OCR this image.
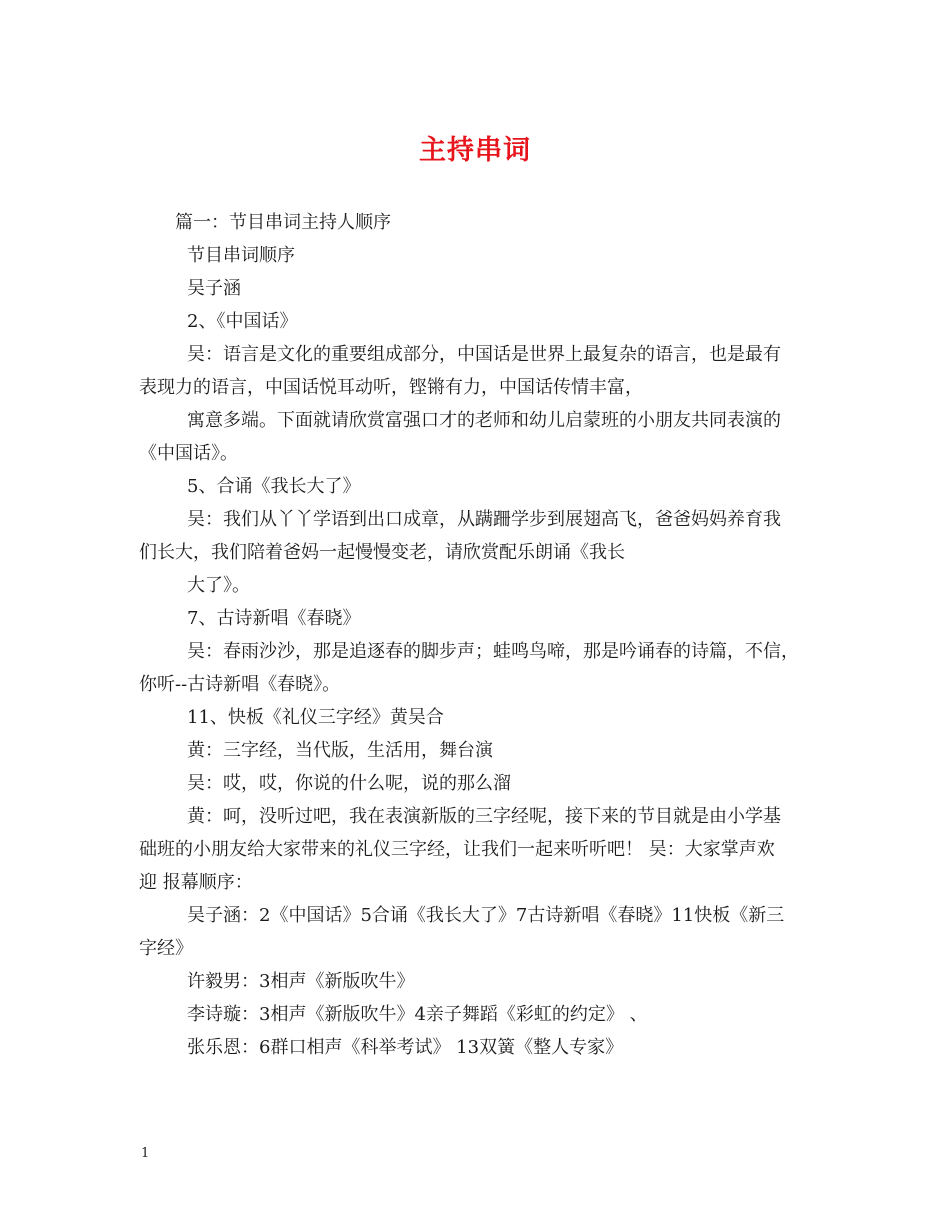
主持串词
篇一：节目串词主持人顺序
节目串词顺序
吴子涵
2、《中国话》
吴：语言是文化的重要组成部分，中国话是世界上最复杂的语言，也是最有
表现力的语言，中国话悦耳动听，铿锵有力，中国话传情丰富，
寓意多端。下面就请欣赏富强口才的老师和幼儿启蒙班的小朋友共同表演的
《中国话》。
5、合诵《我长大了》
吴：我们从丫丫学语到出口成章，从蹒跚学步到展翅高飞，爸爸妈妈养育我
们长大，我们陪着爸妈一起慢慢变老，请欣赏配乐朗诵《我长
大了》。
7、古诗新唱《春晓》
吴：春雨沙沙，那是追逐春的脚步声；蛙鸣鸟啼，那是吟诵春的诗篇，不信，
你听--古诗新唱《春晓》。
11、快板《礼仪三字经》黄吴合
黄：三字经，当代版，生活用，舞台演
吴：哎，哎，你说的什么呢，说的那么溜
黄：呵，没听过吧，我在表演新版的三字经呢，接下来的节目就是由小学基
础班的小朋友给大家带来的礼仪三字经，让我们一起来听听吧！ 吴：大家掌声欢
迎 报幕顺序：
吴子涵：2《中国话》5合诵《我长大了》7古诗新唱《春晓》11快板《新三
字经》
许毅男：3相声《新版吹牛》
李诗璇：3相声《新版吹牛》4亲子舞蹈《彩虹的约定》 、
张乐恩：6群口相声《科举考试》 13双簧《整人专家》
1
